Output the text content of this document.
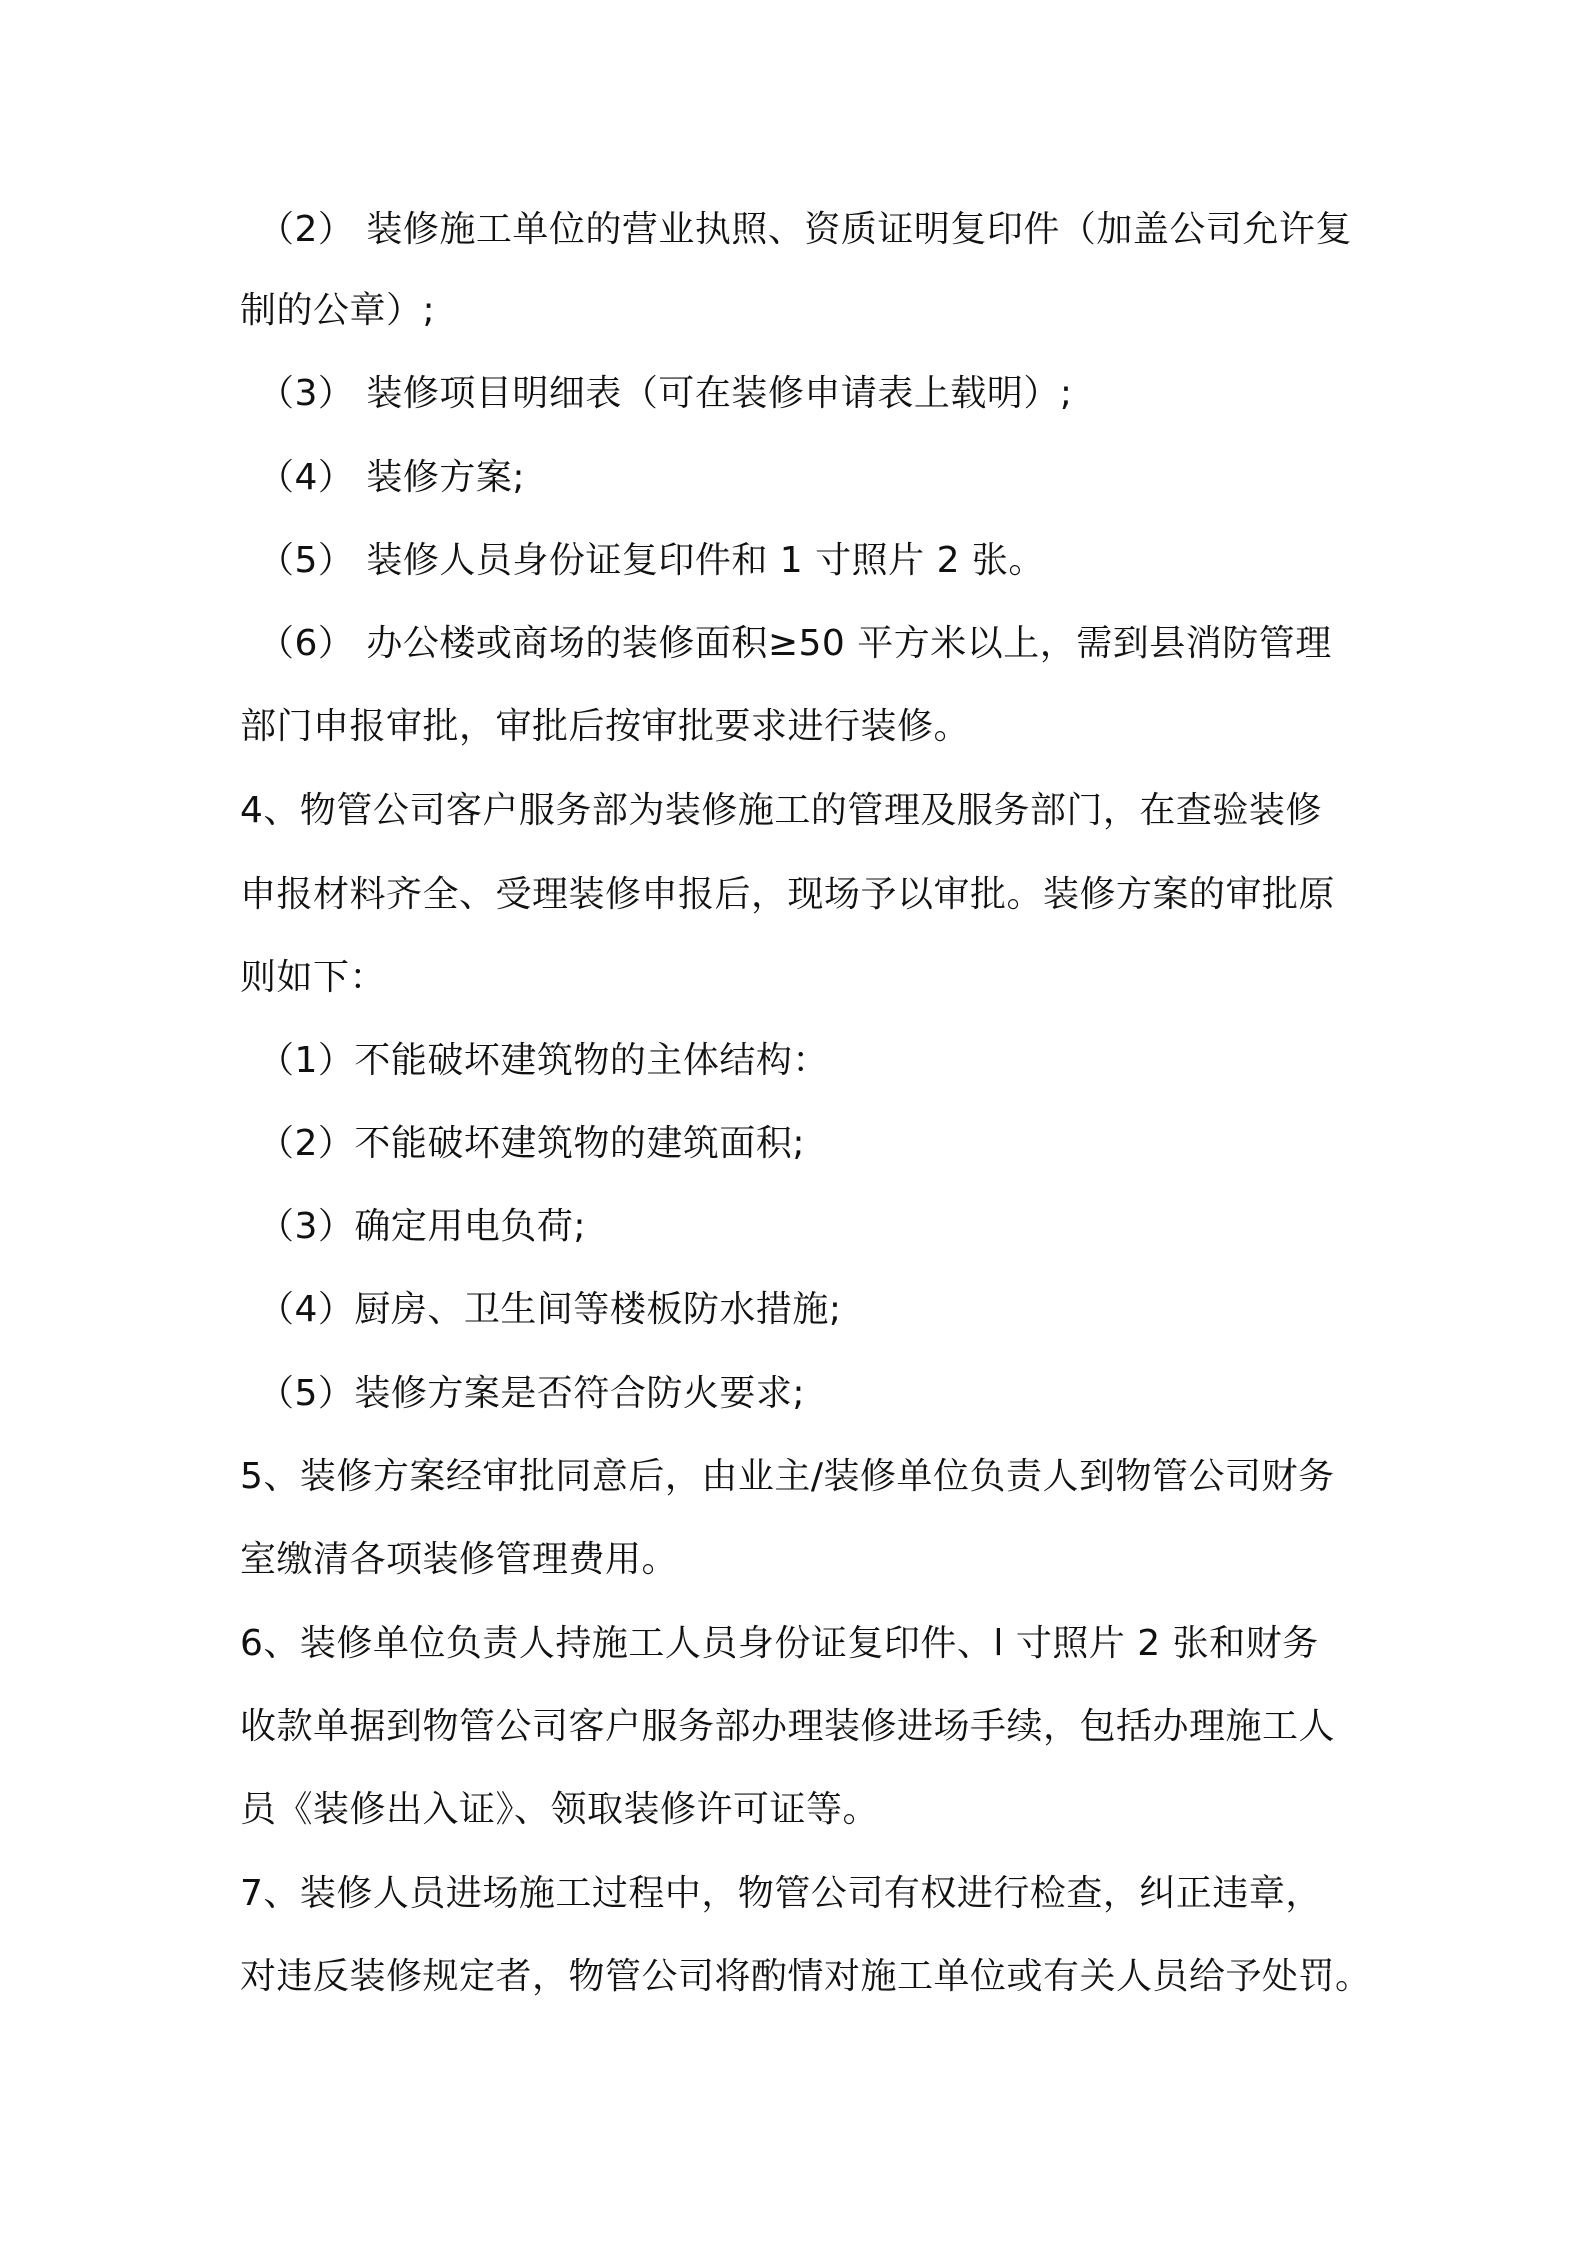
（2） 装修施工单位的营业执照、资质证明复印件（加盖公司允许复
制的公章）;
（3） 装修项目明细表（可在装修申请表上载明）;
（4） 装修方案;
（5） 装修人员身份证复印件和 1 寸照片 2 张。
（6） 办公楼或商场的装修面积≥50 平方米以上，需到县消防管理
部门申报审批，审批后按审批要求进行装修。
4、物管公司客户服务部为装修施工的管理及服务部门，在查验装修
申报材料齐全、受理装修申报后，现场予以审批。装修方案的审批原
则如下：
（1）不能破坏建筑物的主体结构：
（2）不能破坏建筑物的建筑面积;
（3）确定用电负荷;
（4）厨房、卫生间等楼板防水措施;
（5）装修方案是否符合防火要求;
5、装修方案经审批同意后，由业主/装修单位负责人到物管公司财务
室缴清各项装修管理费用。
6、装修单位负责人持施工人员身份证复印件、l 寸照片 2 张和财务
收款单据到物管公司客户服务部办理装修进场手续，包括办理施工人
员《装修出入证》、领取装修许可证等。
7、装修人员进场施工过程中，物管公司有权进行检查，纠正违章，
对违反装修规定者，物管公司将酌情对施工单位或有关人员给予处罚。
